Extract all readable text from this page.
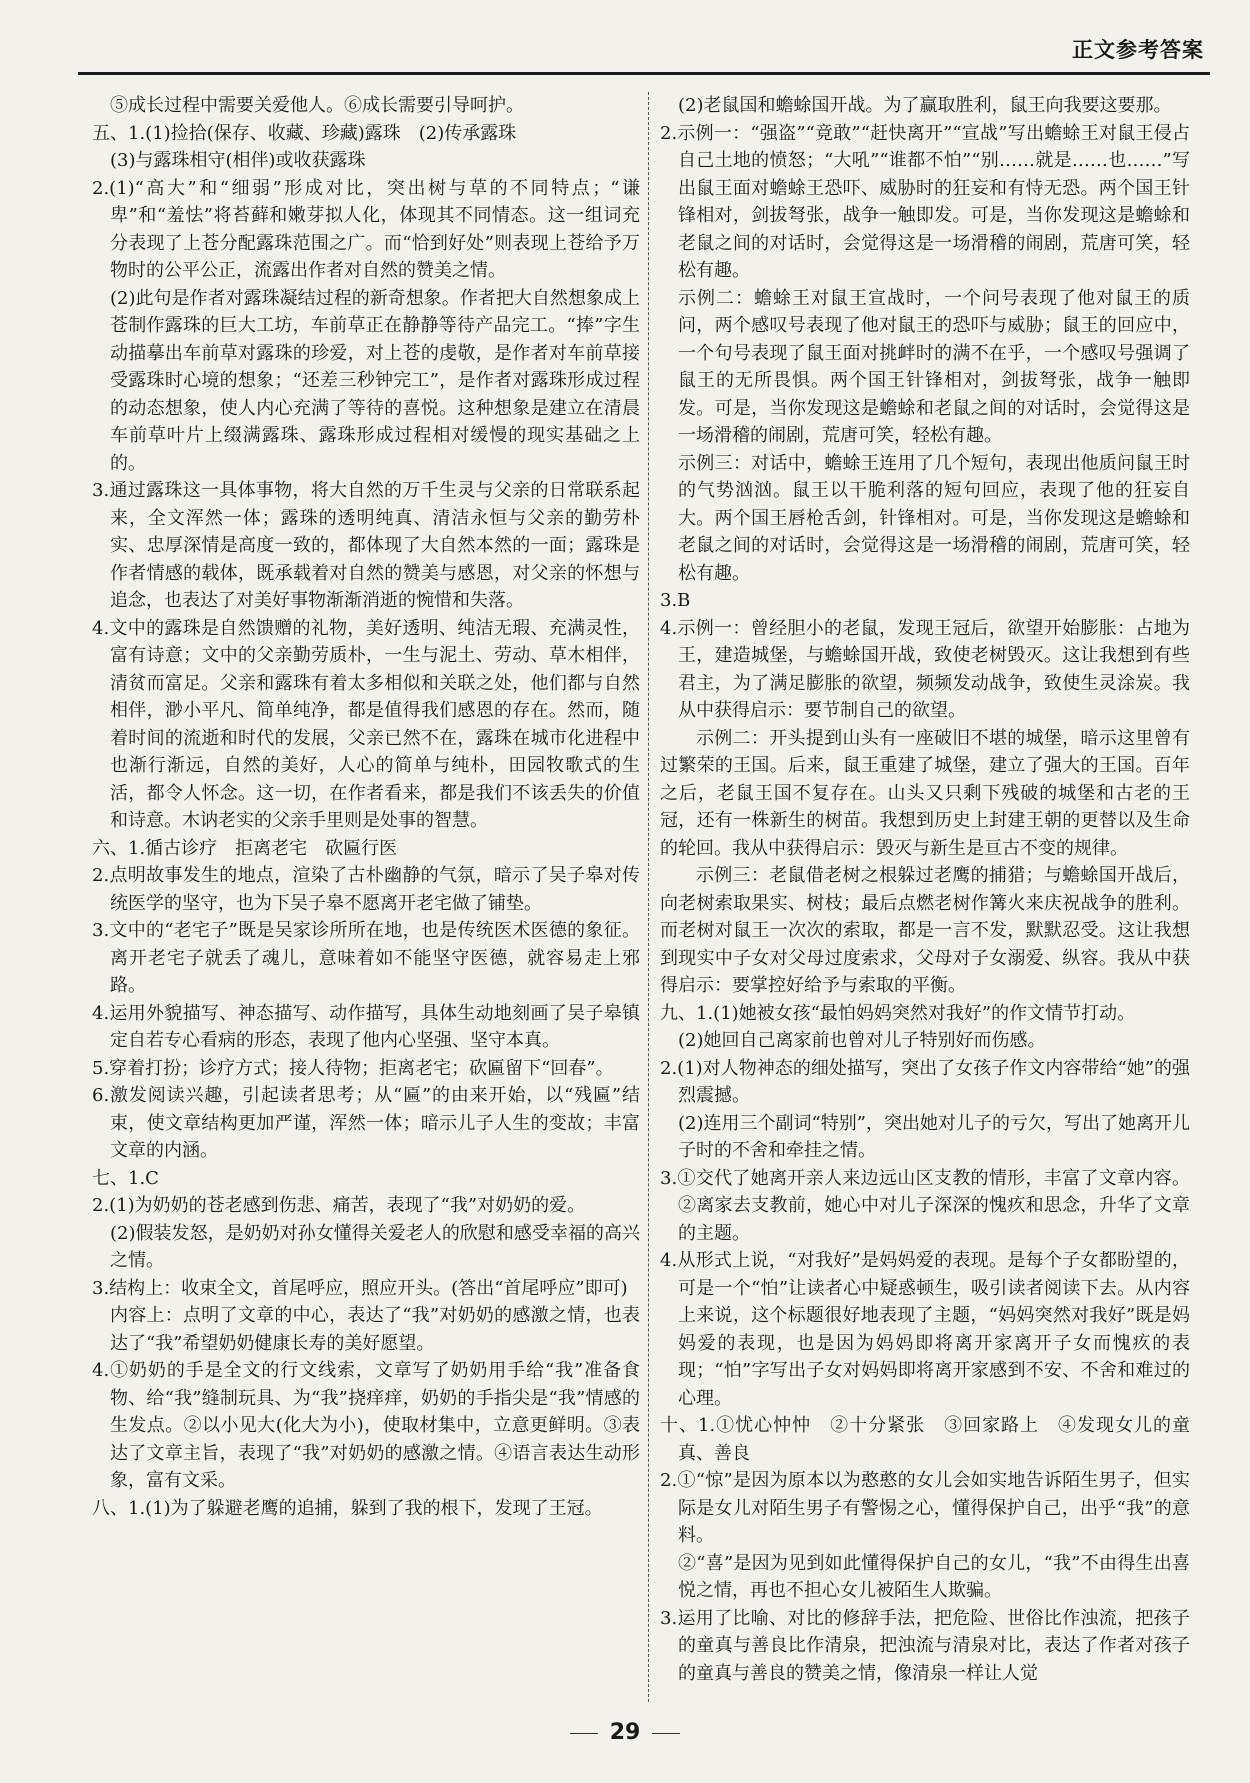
正文参考答案

⑤成长过程中需要关爱他人。⑥成长需要引导呵护。

五、1.(1)捡拾(保存、收藏、珍藏)露珠　(2)传承露珠

(3)与露珠相守(相伴)或收获露珠

2.(1)“高大”和“细弱”形成对比，突出树与草的不同特点；“谦卑”和“羞怯”将苔藓和嫩芽拟人化，体现其不同情态。这一组词充分表现了上苍分配露珠范围之广。而“恰到好处”则表现上苍给予万物时的公平公正，流露出作者对自然的赞美之情。

(2)此句是作者对露珠凝结过程的新奇想象。作者把大自然想象成上苍制作露珠的巨大工坊，车前草正在静静等待产品完工。“捧”字生动描摹出车前草对露珠的珍爱，对上苍的虔敬，是作者对车前草接受露珠时心境的想象；“还差三秒钟完工”，是作者对露珠形成过程的动态想象，使人内心充满了等待的喜悦。这种想象是建立在清晨车前草叶片上缀满露珠、露珠形成过程相对缓慢的现实基础之上的。

3.通过露珠这一具体事物，将大自然的万千生灵与父亲的日常联系起来，全文浑然一体；露珠的透明纯真、清洁永恒与父亲的勤劳朴实、忠厚深情是高度一致的，都体现了大自然本然的一面；露珠是作者情感的载体，既承载着对自然的赞美与感恩，对父亲的怀想与追念，也表达了对美好事物渐渐消逝的惋惜和失落。

4.文中的露珠是自然馈赠的礼物，美好透明、纯洁无瑕、充满灵性，富有诗意；文中的父亲勤劳质朴，一生与泥土、劳动、草木相伴，清贫而富足。父亲和露珠有着太多相似和关联之处，他们都与自然相伴，渺小平凡、简单纯净，都是值得我们感恩的存在。然而，随着时间的流逝和时代的发展，父亲已然不在，露珠在城市化进程中也渐行渐远，自然的美好，人心的简单与纯朴，田园牧歌式的生活，都令人怀念。这一切，在作者看来，都是我们不该丢失的价值和诗意。木讷老实的父亲手里则是处事的智慧。

六、1.循古诊疗　拒离老宅　砍匾行医

2.点明故事发生的地点，渲染了古朴幽静的气氛，暗示了吴子皋对传统医学的坚守，也为下吴子皋不愿离开老宅做了铺垫。

3.文中的“老宅子”既是吴家诊所所在地，也是传统医术医德的象征。离开老宅子就丢了魂儿，意味着如不能坚守医德，就容易走上邪路。

4.运用外貌描写、神态描写、动作描写，具体生动地刻画了吴子皋镇定自若专心看病的形态，表现了他内心坚强、坚守本真。

5.穿着打扮；诊疗方式；接人待物；拒离老宅；砍匾留下“回春”。

6.激发阅读兴趣，引起读者思考；从“匾”的由来开始，以“残匾”结束，使文章结构更加严谨，浑然一体；暗示儿子人生的变故；丰富文章的内涵。

七、1.C

2.(1)为奶奶的苍老感到伤悲、痛苦，表现了“我”对奶奶的爱。

(2)假装发怒，是奶奶对孙女懂得关爱老人的欣慰和感受幸福的高兴之情。

3.结构上：收束全文，首尾呼应，照应开头。(答出“首尾呼应”即可)

内容上：点明了文章的中心，表达了“我”对奶奶的感激之情，也表达了“我”希望奶奶健康长寿的美好愿望。

4.①奶奶的手是全文的行文线索，文章写了奶奶用手给“我”准备食物、给“我”缝制玩具、为“我”挠痒痒，奶奶的手指尖是“我”情感的生发点。②以小见大(化大为小)，使取材集中，立意更鲜明。③表达了文章主旨，表现了“我”对奶奶的感激之情。④语言表达生动形象，富有文采。

八、1.(1)为了躲避老鹰的追捕，躲到了我的根下，发现了王冠。

(2)老鼠国和蟾蜍国开战。为了赢取胜利，鼠王向我要这要那。

2.示例一：“强盗”“竟敢”“赶快离开”“宣战”写出蟾蜍王对鼠王侵占自己土地的愤怒；“大吼”“谁都不怕”“别……就是……也……”写出鼠王面对蟾蜍王恐吓、威胁时的狂妄和有恃无恐。两个国王针锋相对，剑拔弩张，战争一触即发。可是，当你发现这是蟾蜍和老鼠之间的对话时，会觉得这是一场滑稽的闹剧，荒唐可笑，轻松有趣。

示例二：蟾蜍王对鼠王宣战时，一个问号表现了他对鼠王的质问，两个感叹号表现了他对鼠王的恐吓与威胁；鼠王的回应中，一个句号表现了鼠王面对挑衅时的满不在乎，一个感叹号强调了鼠王的无所畏惧。两个国王针锋相对，剑拔弩张，战争一触即发。可是，当你发现这是蟾蜍和老鼠之间的对话时，会觉得这是一场滑稽的闹剧，荒唐可笑，轻松有趣。

示例三：对话中，蟾蜍王连用了几个短句，表现出他质问鼠王时的气势汹汹。鼠王以干脆利落的短句回应，表现了他的狂妄自大。两个国王唇枪舌剑，针锋相对。可是，当你发现这是蟾蜍和老鼠之间的对话时，会觉得这是一场滑稽的闹剧，荒唐可笑，轻松有趣。

3.B

4.示例一：曾经胆小的老鼠，发现王冠后，欲望开始膨胀：占地为王，建造城堡，与蟾蜍国开战，致使老树毁灭。这让我想到有些君主，为了满足膨胀的欲望，频频发动战争，致使生灵涂炭。我从中获得启示：要节制自己的欲望。

示例二：开头提到山头有一座破旧不堪的城堡，暗示这里曾有过繁荣的王国。后来，鼠王重建了城堡，建立了强大的王国。百年之后，老鼠王国不复存在。山头又只剩下残破的城堡和古老的王冠，还有一株新生的树苗。我想到历史上封建王朝的更替以及生命的轮回。我从中获得启示：毁灭与新生是亘古不变的规律。

示例三：老鼠借老树之根躲过老鹰的捕猎；与蟾蜍国开战后，向老树索取果实、树枝；最后点燃老树作篝火来庆祝战争的胜利。而老树对鼠王一次次的索取，都是一言不发，默默忍受。这让我想到现实中子女对父母过度索求，父母对子女溺爱、纵容。我从中获得启示：要掌控好给予与索取的平衡。

九、1.(1)她被女孩“最怕妈妈突然对我好”的作文情节打动。

(2)她回自己离家前也曾对儿子特别好而伤感。

2.(1)对人物神态的细处描写，突出了女孩子作文内容带给“她”的强烈震撼。

(2)连用三个副词“特别”，突出她对儿子的亏欠，写出了她离开儿子时的不舍和牵挂之情。

3.①交代了她离开亲人来边远山区支教的情形，丰富了文章内容。②离家去支教前，她心中对儿子深深的愧疚和思念，升华了文章的主题。

4.从形式上说，“对我好”是妈妈爱的表现。是每个子女都盼望的，可是一个“怕”让读者心中疑惑顿生，吸引读者阅读下去。从内容上来说，这个标题很好地表现了主题，“妈妈突然对我好”既是妈妈爱的表现，也是因为妈妈即将离开家离开子女而愧疚的表现；“怕”字写出子女对妈妈即将离开家感到不安、不舍和难过的心理。

十、1.①忧心忡忡　②十分紧张　③回家路上　④发现女儿的童真、善良

2.①“惊”是因为原本以为憨憨的女儿会如实地告诉陌生男子，但实际是女儿对陌生男子有警惕之心，懂得保护自己，出乎“我”的意料。

②“喜”是因为见到如此懂得保护自己的女儿，“我”不由得生出喜悦之情，再也不担心女儿被陌生人欺骗。

3.运用了比喻、对比的修辞手法，把危险、世俗比作浊流，把孩子的童真与善良比作清泉，把浊流与清泉对比，表达了作者对孩子的童真与善良的赞美之情，像清泉一样让人觉

29
